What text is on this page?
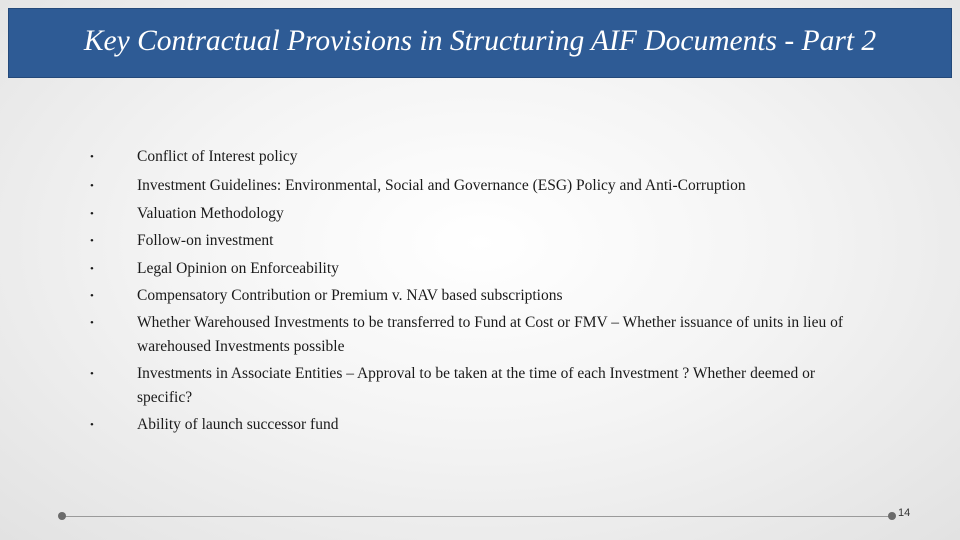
Key Contractual Provisions in Structuring AIF Documents - Part 2
•	Conflict of Interest policy
•	Investment Guidelines: Environmental, Social and Governance (ESG) Policy and Anti-Corruption
•	Valuation Methodology
•	Follow-on investment
•	Legal Opinion on Enforceability
•	Compensatory Contribution or Premium v. NAV based subscriptions
•	Whether Warehoused Investments to be transferred to Fund at Cost or FMV – Whether issuance of units in lieu of warehoused Investments possible
•	Investments in Associate Entities – Approval to be taken at the time of each Investment ? Whether deemed or specific?
•	Ability of launch successor fund
14
